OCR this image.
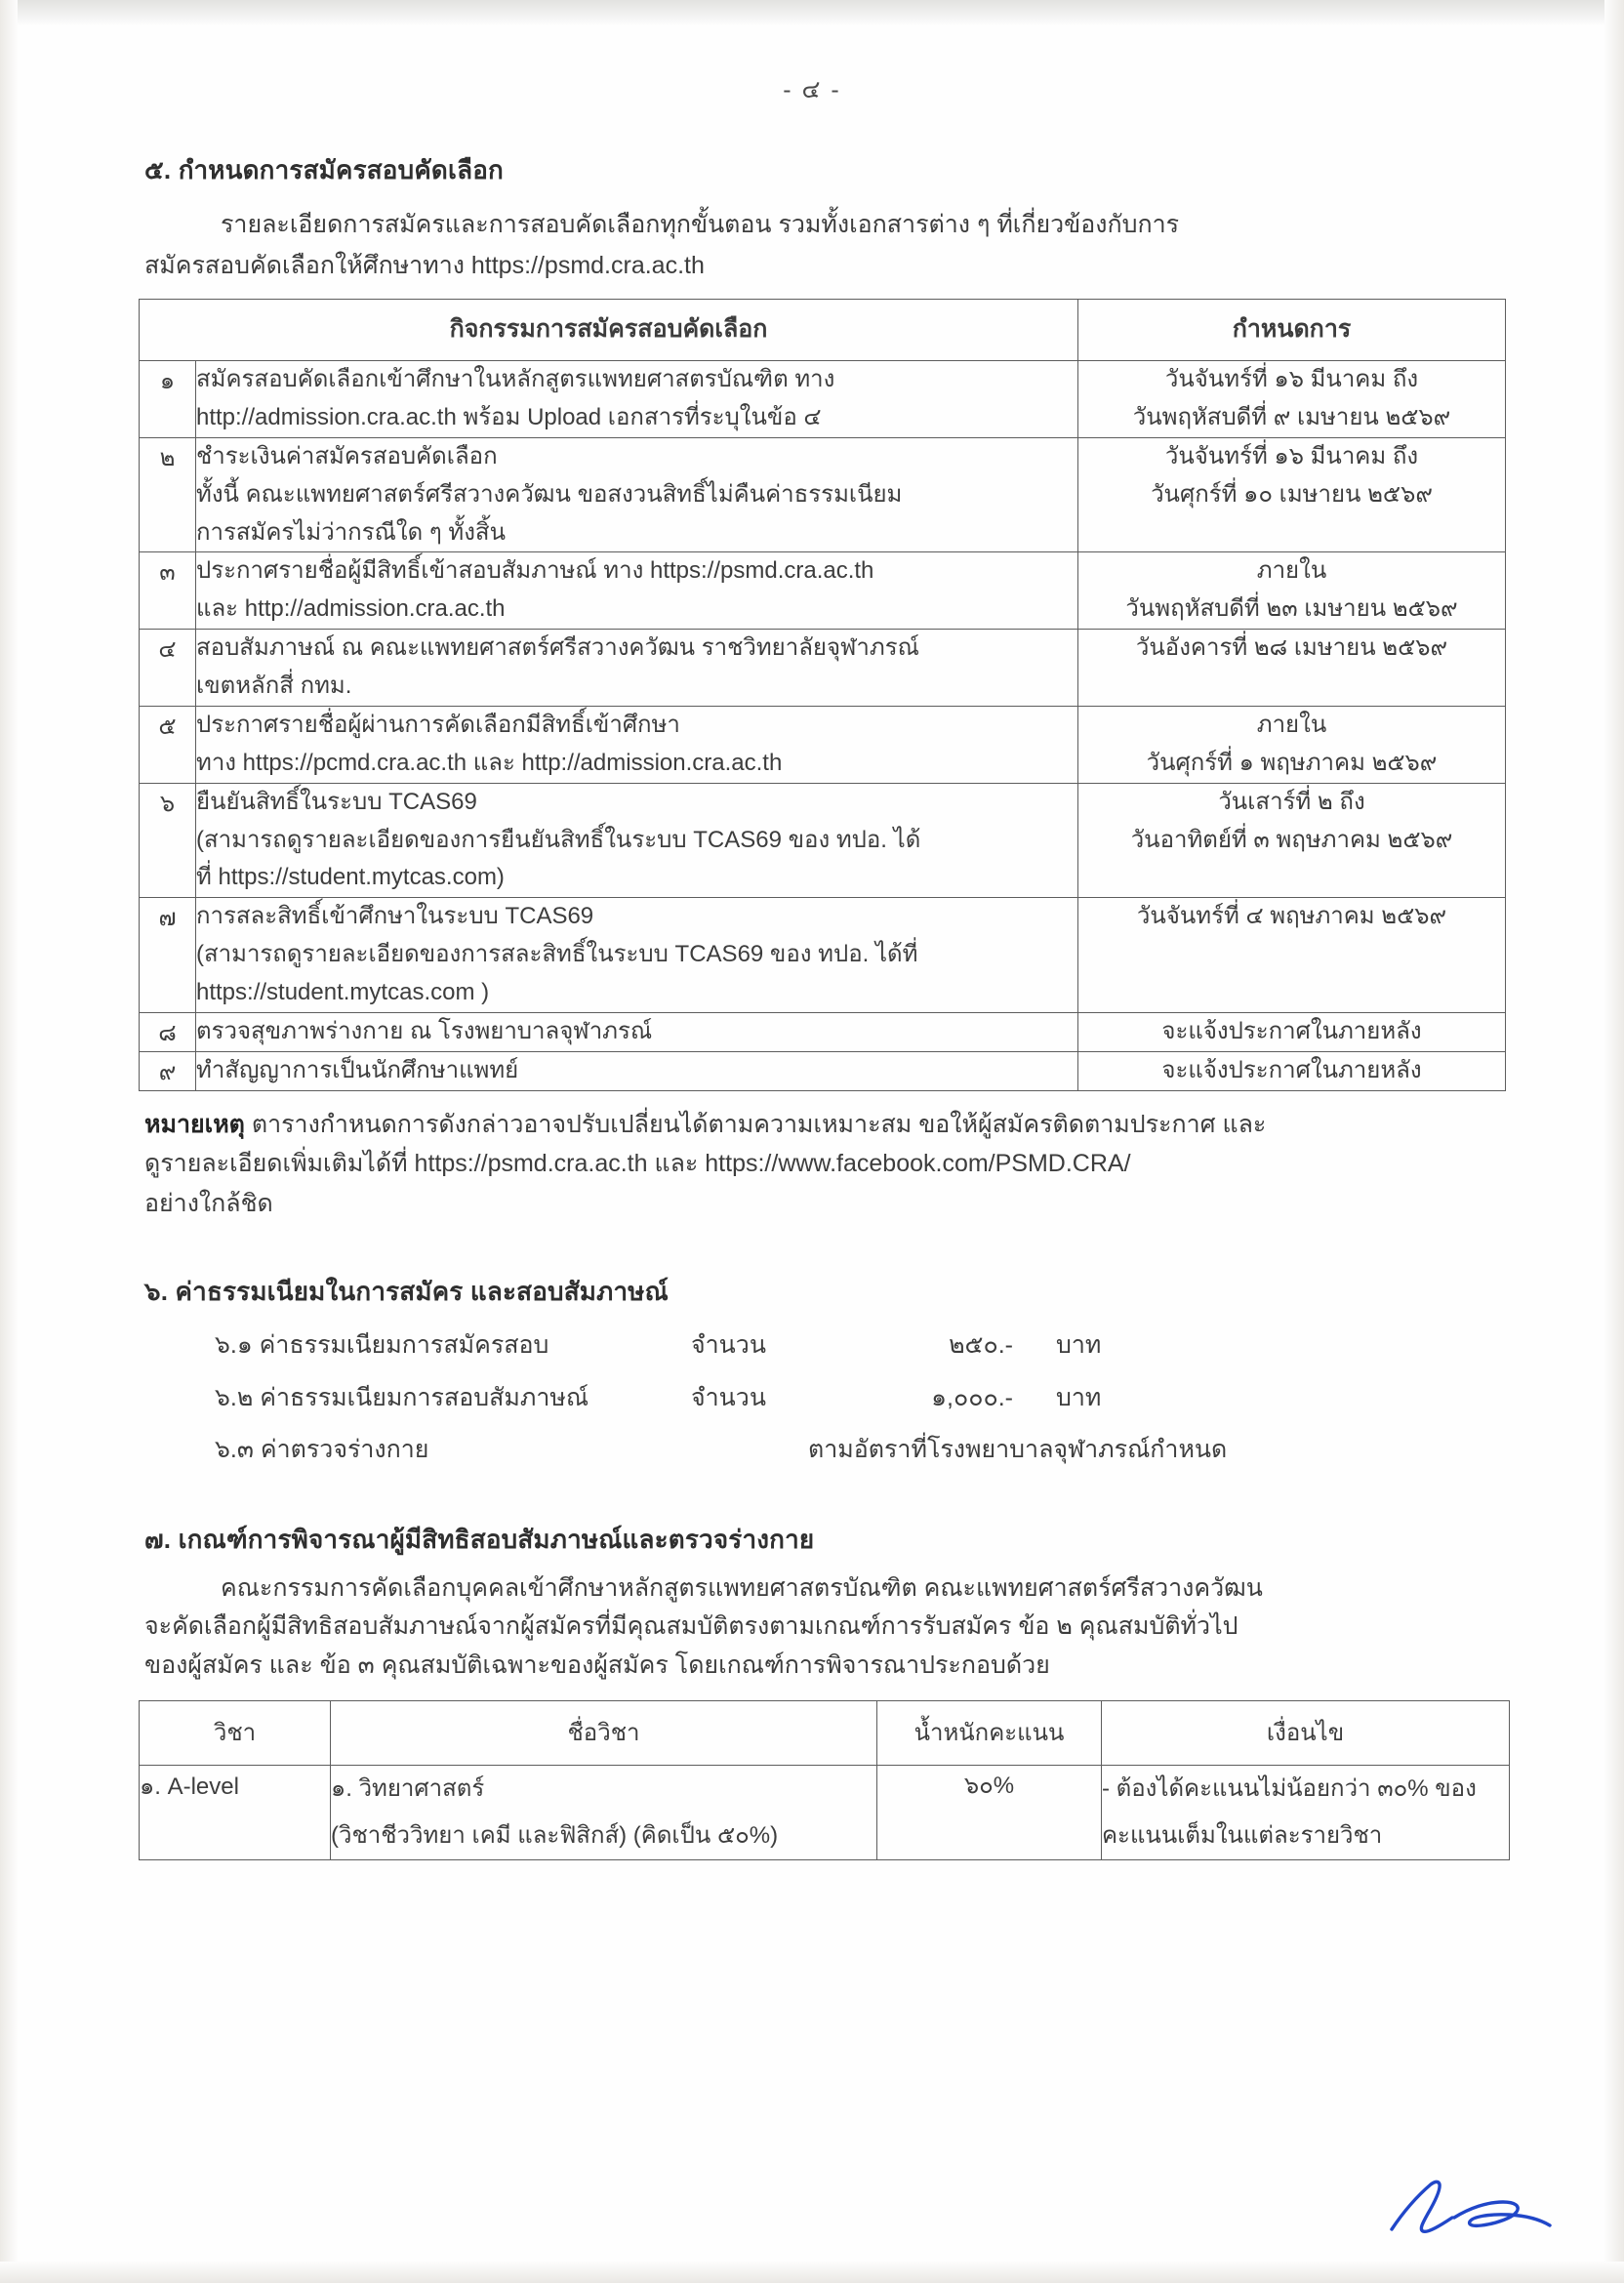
- ๔ -
๕. กำหนดการสมัครสอบคัดเลือก
รายละเอียดการสมัครและการสอบคัดเลือกทุกขั้นตอน รวมทั้งเอกสารต่าง ๆ ที่เกี่ยวข้องกับการ
สมัครสอบคัดเลือกให้ศึกษาทาง https://psmd.cra.ac.th
กิจกรรมการสมัครสอบคัดเลือก		กำหนดการ
๑	สมัครสอบคัดเลือกเข้าศึกษาในหลักสูตรแพทยศาสตรบัณฑิต ทาง
http://admission.cra.ac.th พร้อม Upload เอกสารที่ระบุในข้อ ๔	วันจันทร์ที่ ๑๖ มีนาคม ถึง
วันพฤหัสบดีที่ ๙ เมษายน ๒๕๖๙

๒	ชำระเงินค่าสมัครสอบคัดเลือก
ทั้งนี้ คณะแพทยศาสตร์ศรีสวางควัฒน ขอสงวนสิทธิ์ไม่คืนค่าธรรมเนียม
การสมัครไม่ว่ากรณีใด ๆ ทั้งสิ้น	วันจันทร์ที่ ๑๖ มีนาคม ถึง
วันศุกร์ที่ ๑๐ เมษายน ๒๕๖๙

๓	ประกาศรายชื่อผู้มีสิทธิ์เข้าสอบสัมภาษณ์ ทาง https://psmd.cra.ac.th
และ http://admission.cra.ac.th	ภายใน
วันพฤหัสบดีที่ ๒๓ เมษายน ๒๕๖๙

๔	สอบสัมภาษณ์ ณ คณะแพทยศาสตร์ศรีสวางควัฒน ราชวิทยาลัยจุฬาภรณ์
เขตหลักสี่ กทม.	วันอังคารที่ ๒๘ เมษายน ๒๕๖๙

๕	ประกาศรายชื่อผู้ผ่านการคัดเลือกมีสิทธิ์เข้าศึกษา
ทาง https://pcmd.cra.ac.th และ http://admission.cra.ac.th	ภายใน
วันศุกร์ที่ ๑ พฤษภาคม ๒๕๖๙

๖	ยืนยันสิทธิ์ในระบบ TCAS69
(สามารถดูรายละเอียดของการยืนยันสิทธิ์ในระบบ TCAS69 ของ ทปอ. ได้
ที่ https://student.mytcas.com)	วันเสาร์ที่ ๒ ถึง
วันอาทิตย์ที่ ๓ พฤษภาคม ๒๕๖๙

๗	การสละสิทธิ์เข้าศึกษาในระบบ TCAS69
(สามารถดูรายละเอียดของการสละสิทธิ์ในระบบ TCAS69 ของ ทปอ. ได้ที่
https://student.mytcas.com )	วันจันทร์ที่ ๔ พฤษภาคม ๒๕๖๙

๘	ตรวจสุขภาพร่างกาย ณ โรงพยาบาลจุฬาภรณ์	จะแจ้งประกาศในภายหลัง

๙	ทำสัญญาการเป็นนักศึกษาแพทย์	จะแจ้งประกาศในภายหลัง
หมายเหตุ ตารางกำหนดการดังกล่าวอาจปรับเปลี่ยนได้ตามความเหมาะสม ขอให้ผู้สมัครติดตามประกาศ และ
ดูรายละเอียดเพิ่มเติมได้ที่ https://psmd.cra.ac.th และ https://www.facebook.com/PSMD.CRA/
อย่างใกล้ชิด
๖. ค่าธรรมเนียมในการสมัคร และสอบสัมภาษณ์
๖.๑ ค่าธรรมเนียมการสมัครสอบ	จำนวน	๒๕๐.-	บาท
๖.๒ ค่าธรรมเนียมการสอบสัมภาษณ์	จำนวน	๑,๐๐๐.-	บาท
๖.๓ ค่าตรวจร่างกาย	ตามอัตราที่โรงพยาบาลจุฬาภรณ์กำหนด
๗. เกณฑ์การพิจารณาผู้มีสิทธิสอบสัมภาษณ์และตรวจร่างกาย
คณะกรรมการคัดเลือกบุคคลเข้าศึกษาหลักสูตรแพทยศาสตรบัณฑิต คณะแพทยศาสตร์ศรีสวางควัฒน
จะคัดเลือกผู้มีสิทธิสอบสัมภาษณ์จากผู้สมัครที่มีคุณสมบัติตรงตามเกณฑ์การรับสมัคร ข้อ ๒ คุณสมบัติทั่วไป
ของผู้สมัคร และ ข้อ ๓ คุณสมบัติเฉพาะของผู้สมัคร โดยเกณฑ์การพิจารณาประกอบด้วย
วิชา	ชื่อวิชา	น้ำหนักคะแนน	เงื่อนไข
๑. A-level	๑. วิทยาศาสตร์
(วิชาชีววิทยา เคมี และฟิสิกส์) (คิดเป็น ๕๐%)	๖๐%	- ต้องได้คะแนนไม่น้อยกว่า ๓๐% ของ
คะแนนเต็มในแต่ละรายวิชา
